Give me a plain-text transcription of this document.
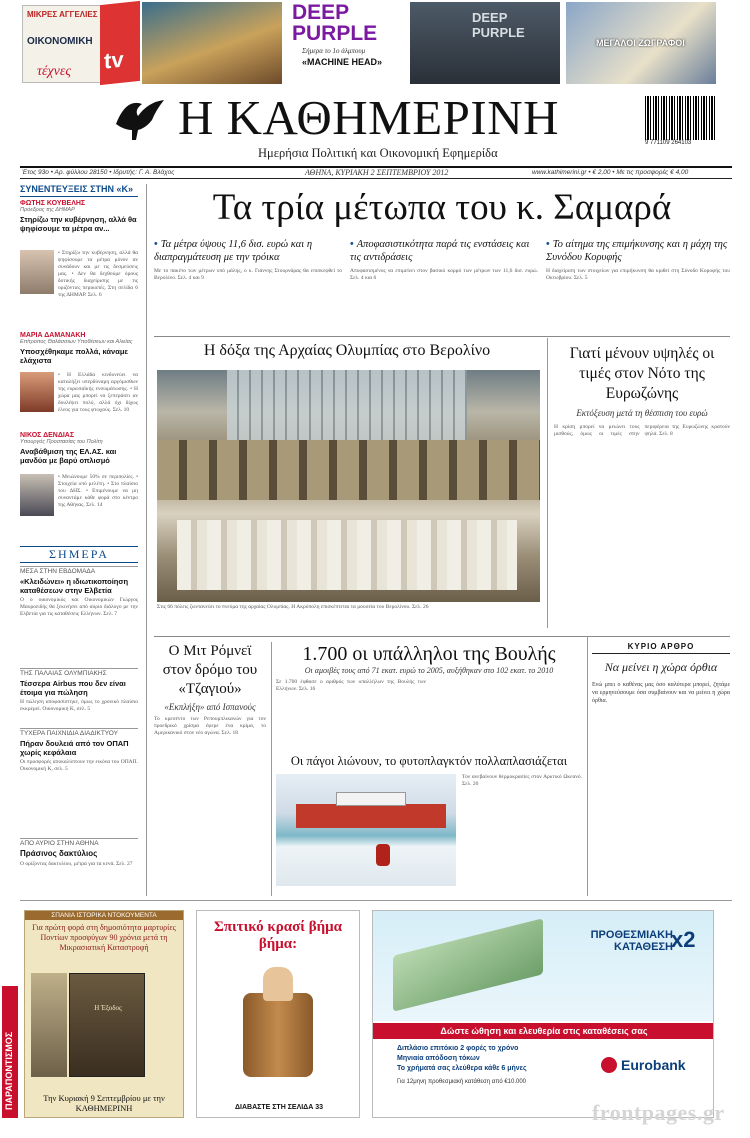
ΜΙΚΡΕΣ ΑΓΓΕΛΙΕΣ
ΟΙΚΟΝΟΜΙΚΗ
τέχνες tv
DEEP PURPLE
Σήμερα το 1ο άλμπουμ
«MACHINE HEAD»
DEEP PURPLE
ΜΕΓΑΛΟΙ ΖΩΓΡΑΦΟΙ
Η ΚΑΘΗΜΕΡΙΝΗ
Ημερήσια Πολιτική και Οικονομική Εφημερίδα
9 771109 264103
Έτος 93ο • Αρ. φύλλου 28150 • Ιδρυτής: Γ. Α. Βλάχος	ΑΘΗΝΑ, ΚΥΡΙΑΚΗ 2 ΣΕΠΤΕΜΒΡΙΟΥ 2012	www.kathimerini.gr • € 2,00 • Με τις προσφορές € 4,00
ΣΥΝΕΝΤΕΥΞΕΙΣ ΣΤΗΝ «Κ»
ΦΩΤΗΣ ΚΟΥΒΕΛΗΣ
Πρόεδρος της ΔΗΜΑΡ
Στηρίζω την κυβέρνηση, αλλά θα ψηφίσουμε τα μέτρα αν...
• Στηρίζω την κυβέρνηση, αλλά θα ψηφίσουμε τα μέτρα μόνον αν συνάδουν και με τις δεσμεύσεις μας. • Δεν θα δεχθούμε όρους δοτικής διαχείρισης με τις οριζόντιες περικοπές. Στη σελίδα 6 της ΔΗΜΑΡ. Σελ. 6
ΜΑΡΙΑ ΔΑΜΑΝΑΚΗ
Επίτροπος Θαλάσσιων Υποθέσεων και Αλιείας
Υποσχέθηκαμε πολλά, κάναμε ελάχιστα
• Η Ελλάδα κινδυνεύει να καταλήξει υπερδύναμη αργόμισθων της ευρωπαϊκής ενσωμάτωσης. • Η χώρα μας μπορεί να ξεπεράσει αν δουλέψει πολύ, αλλά όχι δίχως έλεος για τους φτωχούς. Σελ. 10
ΝΙΚΟΣ ΔΕΝΔΙΑΣ
Υπουργός Προστασίας του Πολίτη
Αναβάθμιση της ΕΛ.ΑΣ. και μανδύα με βαρύ οπλισμό
• Μειώνουμε 50% σε περιπολίες. • Στοιχεία υπό μελέτη. • Στο πλαίσιο του ΔΗΣ. • Επιμένουμε να μη συναντάμε κάθε φορά στο κέντρο της Αθήνας. Σελ. 14
ΣΗΜΕΡΑ
ΜΕΣΑ ΣΤΗΝ ΕΒΔΟΜΑΔΑ
«Κλειδώνει» η ιδιωτικοποίηση καταθέσεων στην Ελβετία
Ο ο οικονομικός και Οικονομικών Γιώργος Μαυροειδής θα ξεκινήσει από αύριο διάλογο με την Ελβετία για τις καταθέσεις Ελλήνων. Σελ. 7
ΤΗΣ ΠΑΛΑΙΑΣ ΟΛΥΜΠΙΑΚΗΣ
Τέσσερα Airbus που δεν είναι έτοιμα για πώληση
Η πώληση αποφασίστηκε, όμως το χρονικό πλαίσιο εκκρεμεί. Οικονομική Κ, σελ. 5
ΤΥΧΕΡΑ ΠΑΙΧΝΙΔΙΑ ΔΙΑΔΙΚΤΥΟΥ
Πήραν δουλειά από τον ΟΠΑΠ χωρίς κεφάλαια
Οι προσφορές αποκαλύπτουν την εικόνα του ΟΠΑΠ. Οικονομική Κ, σελ. 5
ΑΠΟ ΑΥΡΙΟ ΣΤΗΝ ΑΘΗΝΑ
Πράσινος δακτύλιος
Ο ορίζοντας δακτυλίου, μέτρα για τα κενά. Σελ. 27
Τα τρία μέτωπα του κ. Σαμαρά
• Τα μέτρα ύψους 11,6 δισ. ευρώ και η διαπραγμάτευση με την τρόικα
Με το πακέτο των μέτρων υπό μάλης, ο κ. Γιάννης Στουρνάρας θα επισκεφθεί το Βερολίνο. Σελ. 4 και 9
• Αποφασιστικότητα παρά τις ενστάσεις και τις αντιδράσεις
Αποφασισμένος να επιμείνει στον βασικό κορμό των μέτρων των 11,6 δισ. ευρώ. Σελ. 4 και 6
• Το αίτημα της επιμήκυνσης και η μάχη της Συνόδου Κορυφής
Η διαχείριση των στοιχείων για επιμήκυνση θα κριθεί στη Σύνοδο Κορυφής του Οκτωβρίου. Σελ. 5
Η δόξα της Αρχαίας Ολυμπίας στο Βερολίνο
Στις 66 πόλεις ζωντανεύει το πνεύμα της αρχαίας Ολυμπίας. Η Ακρόπολη επισκέπτεται τα μουσεία του Βερολίνου. Σελ. 26
Γιατί μένουν υψηλές οι τιμές στον Νότο της Ευρωζώνης
Εκτόξευση μετά τη θέσπιση του ευρώ
Η κρίση μπορεί να μειώνει τους μισθούς, όμως οι τιμές στην περιφέρεια της Ευρωζώνης κρατούν ψηλά. Σελ. 8
Ο Μιτ Ρόμνεϊ στον δρόμο του «Τζαγιού»
«Εκπλήξη» από Ισπανούς
Το κρεσέντο των Ρεπουμπλικανών για τον προεδρικό χρίσμα έφερε ένα κρίμα, το Αμερικανικό στον νέο αγώνα. Σελ. 18
1.700 οι υπάλληλοι της Βουλής
Οι αμοιβές τους από 71 εκατ. ευρώ το 2005, αυξήθηκαν στο 102 εκατ. το 2010
Σε 1.700 έφθασε ο αριθμός των υπαλλήλων της Βουλής των Ελλήνων. Σελ. 16
Οι πάγοι λιώνουν, το φυτοπλαγκτόν πολλαπλασιάζεται
Τον ανεβαίνουν θερμοκρασίες στον Αρκτικό Ωκεανό. Σελ. 20
ΚΥΡΙΟ ΑΡΘΡΟ
Να μείνει η χώρα όρθια
Ενώ μπει ο καθένας μας όσο καλύτερα μπορεί, ζητάμε να ερμηνεύσουμε όσα συμβαίνουν και να μείνει η χώρα όρθια.
ΣΠΑΝΙΑ ΙΣΤΟΡΙΚΑ ΝΤΟΚΟΥΜΕΝΤΑ
Για πρώτη φορά στη δημοσιότητα μαρτυρίες Ποντίων προσφύγων 90 χρόνια μετά τη Μικρασιατική Καταστροφή
Η Έξοδος
Την Κυριακή 9 Σεπτεμβρίου με την ΚΑΘΗΜΕΡΙΝΗ
ΠΑΡΑΠΟΝΤΙΣΜΟΣ
Σπιτικό κρασί βήμα βήμα:
ΔΙΑΒΑΣΤΕ ΣΤΗ ΣΕΛΙΔΑ 33
ΠΡΟΘΕΣΜΙΑΚΗ ΚΑΤΑΘΕΣΗ
x2
Δώστε ώθηση και ελευθερία στις καταθέσεις σας
Διπλάσιο επιτόκιο 2 φορές το χρόνο
Μηνιαία απόδοση τόκων
Το χρήματά σας ελεύθερα κάθε 6 μήνες
Για 12μηνη προθεσμιακή κατάθεση από €10.000
Eurobank
frontpages.gr
